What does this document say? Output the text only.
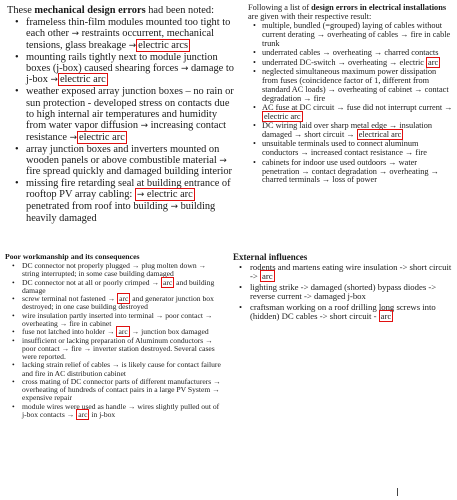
These mechanical design errors had been noted:

• frameless thin-film modules mounted too tight to each other → restraints occurrent, mechanical tensions, glass breakage → electric arcs
• mounting rails tightly next to module junction boxes (j-box) caused shearing forces → damage to j-box → electric arc
• weather exposed array junction boxes – no rain or sun protection - developed stress on contacts due to high internal air temperatures and humidity from water vapor diffusion → increasing contact resistance → electric arc
• array junction boxes and inverters mounted on wooden panels or above combustible material → fire spread quickly and damaged building interior
• missing fire retarding seal at building entrance of rooftop PV array cabling: → electric arc penetrated from roof into building → building heavily damaged

Following a list of design errors in electrical installations are given with their respective result:

• multiple, bundled (=grouped) laying of cables without current derating → overheating of cables → fire in cable trunk
• underrated cables → overheating → charred contacts
• underrated DC-switch → overheating → electric arc
• neglected simultaneous maximum power dissipation from fuses (coincidence factor of 1, different from standard AC loads) → overheating of cabinet → contact degradation → fire
• AC fuse at DC circuit → fuse did not interrupt current → electric arc
• DC wiring laid over sharp metal edge → insulation damaged → short circuit → electrical arc
• unsuitable terminals used to connect aluminum conductors → increased contact resistance → fire
• cabinets for indoor use used outdoors → water penetration → contact degradation → overheating → charred terminals → loss of power

Poor workmanship and its consequences

• DC connector not properly plugged → plug molten down → string interrupted; in some case building damaged
• DC connector not at all or poorly crimped → arc and building damage
• screw terminal not fastened → arc and generator junction box destroyed; in one case building destroyed
• wire insulation partly inserted into terminal → poor contact → overheating → fire in cabinet
• fuse not latched into holder → arc → junction box damaged
• insufficient or lacking preparation of Aluminum conductors → poor contact → fire → inverter station destroyed. Several cases were reported.
• lacking strain relief of cables → is likely cause for contact failure and fire in AC distribution cabinet
• cross mating of DC connector parts of different manufacturers → overheating of hundreds of contact pairs in a large PV System → expensive repair
• module wires were used as handle → wires slightly pulled out of j-box contacts → arc in j-box

External influences

• rodents and martens eating wire insulation -> short circuit -> arc
• lighting strike -> damaged (shorted) bypass diodes -> reverse current -> damaged j-box
• craftsman working on a roof drilling long screws into (hidden) DC cables -> short circuit - arc
